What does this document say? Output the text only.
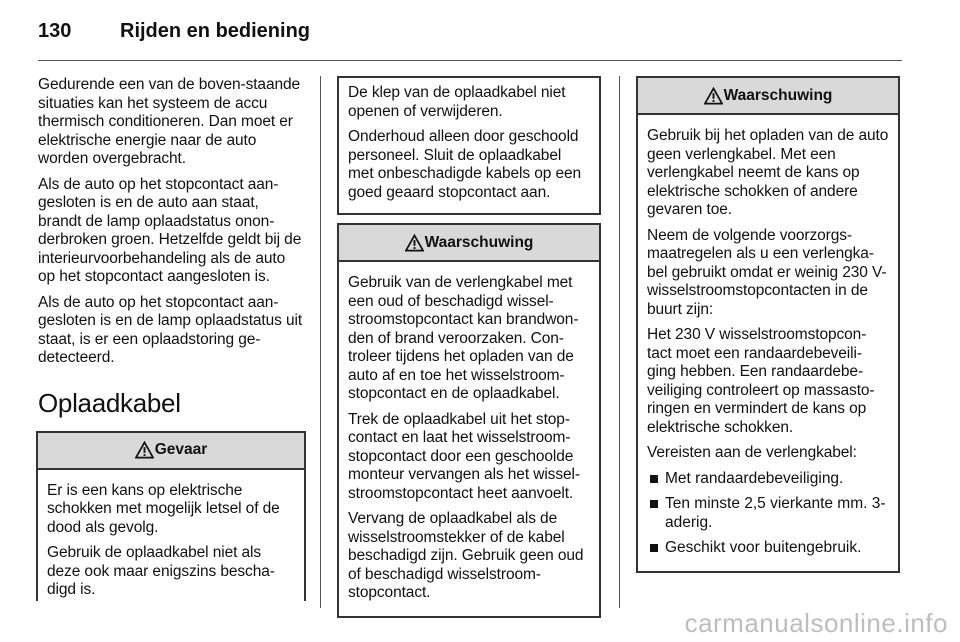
130	Rijden en bediening

Gedurende een van de boven-staande situaties kan het systeem de accu thermisch conditioneren. Dan moet er elektrische energie naar de auto worden overgebracht.

Als de auto op het stopcontact aan-gesloten is en de auto aan staat, brandt de lamp oplaadstatus onon-derbroken groen. Hetzelfde geldt bij de interieurvoorbehandeling als de auto op het stopcontact aangesloten is.

Als de auto op het stopcontact aan-gesloten is en de lamp oplaadstatus uit staat, is er een oplaadstoring ge-detecteerd.

Oplaadkabel
Gevaar

Er is een kans op elektrische schokken met mogelijk letsel of de dood als gevolg.

Gebruik de oplaadkabel niet als deze ook maar enigszins bescha-digd is.

De klep van de oplaadkabel niet openen of verwijderen.

Onderhoud alleen door geschoold personeel. Sluit de oplaadkabel met onbeschadigde kabels op een goed geaard stopcontact aan.

Waarschuwing

Gebruik van de verlengkabel met een oud of beschadigd wissel-stroomstopcontact kan brandwon-den of brand veroorzaken. Con-troleer tijdens het opladen van de auto af en toe het wisselstroom-stopcontact en de oplaadkabel.

Trek de oplaadkabel uit het stop-contact en laat het wisselstroom-stopcontact door een geschoolde monteur vervangen als het wissel-stroomstopcontact heet aanvoelt.

Vervang de oplaadkabel als de wisselstroomstekker of de kabel beschadigd zijn. Gebruik geen oud of beschadigd wisselstroom-stopcontact.

Waarschuwing

Gebruik bij het opladen van de auto geen verlengkabel. Met een verlengkabel neemt de kans op elektrische schokken of andere gevaren toe.

Neem de volgende voorzorgs-maatregelen als u een verlengka-bel gebruikt omdat er weinig 230 V-wisselstroomstopcontacten in de buurt zijn:

Het 230 V wisselstroomstopcon-tact moet een randaardebeveili-ging hebben. Een randaardebe-veiliging controleert op massasto-ringen en vermindert de kans op elektrische schokken.

Vereisten aan de verlengkabel:

Met randaardebeveiliging.
Ten minste 2,5 vierkante mm. 3-aderig.
Geschikt voor buitengebruik.
carmanualsonline.info
